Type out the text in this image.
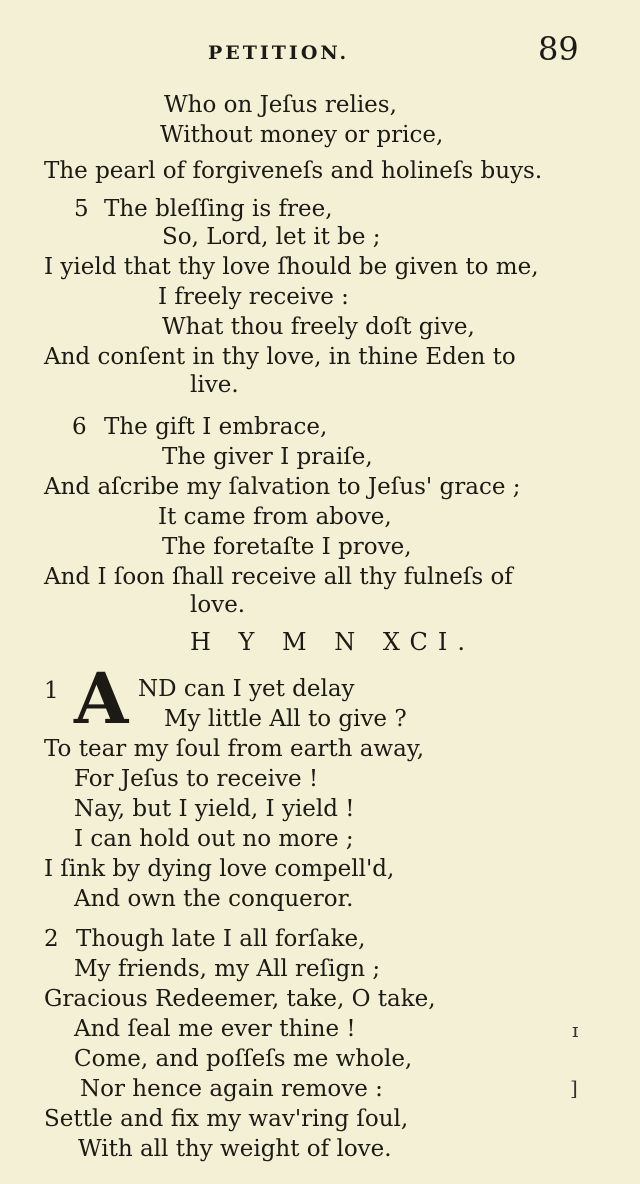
PETITION.	89
Who on Jeſus relies,
Without money or price,
The pearl of forgiveneſs and holineſs buys.
5 The bleſſing is free,
So, Lord, let it be ;
I yield that thy love ſhould be given to me,
I freely receive :
What thou freely doſt give,
And conſent in thy love, in thine Eden to
live.
6 The gift I embrace,
The giver I praiſe,
And aſcribe my ſalvation to Jeſus' grace ;
It came from above,
The foretaſte I prove,
And I ſoon ſhall receive all thy fulneſs of
love.
H Y M N XCI.
1 A ND can I yet delay
My little All to give ?
To tear my ſoul from earth away,
For Jeſus to receive !
Nay, but I yield, I yield !
I can hold out no more ;
I ſink by dying love compell'd,
And own the conqueror.
2 Though late I all forſake,
My friends, my All reſign ;
Gracious Redeemer, take, O take,
And ſeal me ever thine !
Come, and poſſeſs me whole,
Nor hence again remove :
Settle and fix my wav'ring ſoul,
With all thy weight of love.
ɪ
]
